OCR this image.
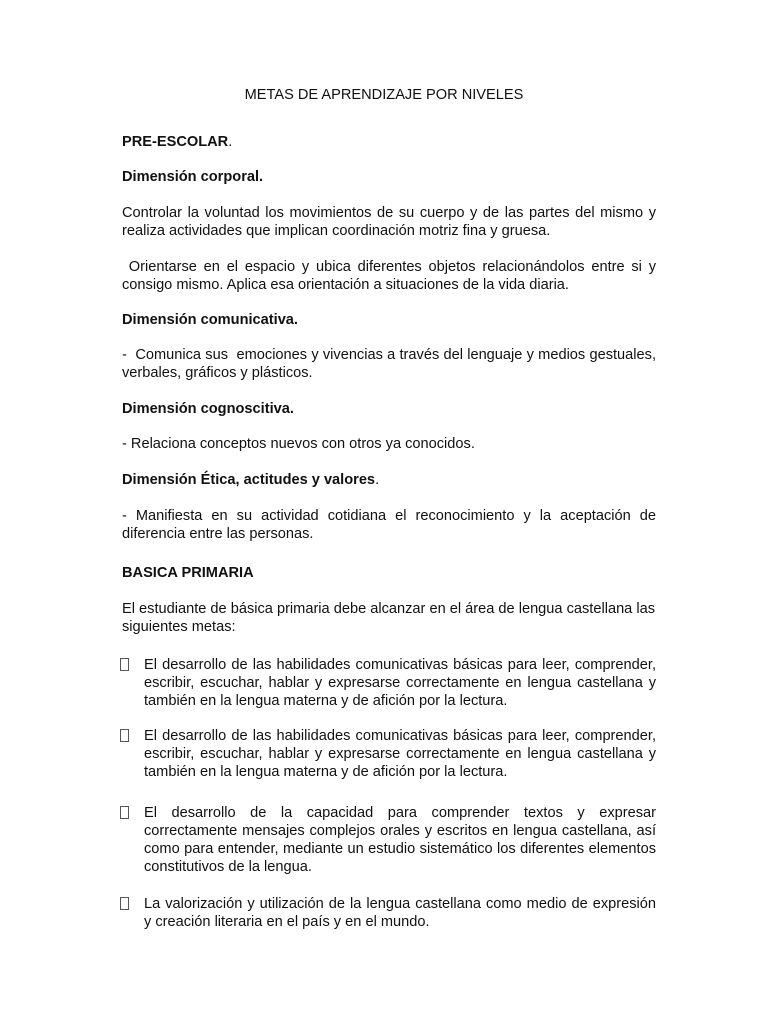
METAS DE APRENDIZAJE POR NIVELES
PRE-ESCOLAR.
Dimensión corporal.
Controlar la voluntad los movimientos de su cuerpo y de las partes del mismo y realiza actividades que implican coordinación motriz fina y gruesa.
Orientarse en el espacio y ubica diferentes objetos relacionándolos entre si y consigo mismo. Aplica esa orientación a situaciones de la vida diaria.
Dimensión comunicativa.
-  Comunica sus  emociones y vivencias a través del lenguaje y medios gestuales, verbales, gráficos y plásticos.
Dimensión cognoscitiva.
- Relaciona conceptos nuevos con otros ya conocidos.
Dimensión Ética, actitudes y valores.
- Manifiesta en su actividad cotidiana el reconocimiento y la aceptación de diferencia entre las personas.
BASICA PRIMARIA
El estudiante de básica primaria debe alcanzar en el área de lengua castellana las siguientes metas:
El desarrollo de las habilidades comunicativas básicas para leer, comprender, escribir, escuchar, hablar y expresarse correctamente en lengua castellana y también en la lengua materna y de afición por la lectura.
El desarrollo de las habilidades comunicativas básicas para leer, comprender, escribir, escuchar, hablar y expresarse correctamente en lengua castellana y también en la lengua materna y de afición por la lectura.
El desarrollo de la capacidad para comprender textos y expresar correctamente mensajes complejos orales y escritos en lengua castellana, así como para entender, mediante un estudio sistemático los diferentes elementos constitutivos de la lengua.
La valorización y utilización de la lengua castellana como medio de expresión y creación literaria en el país y en el mundo.
